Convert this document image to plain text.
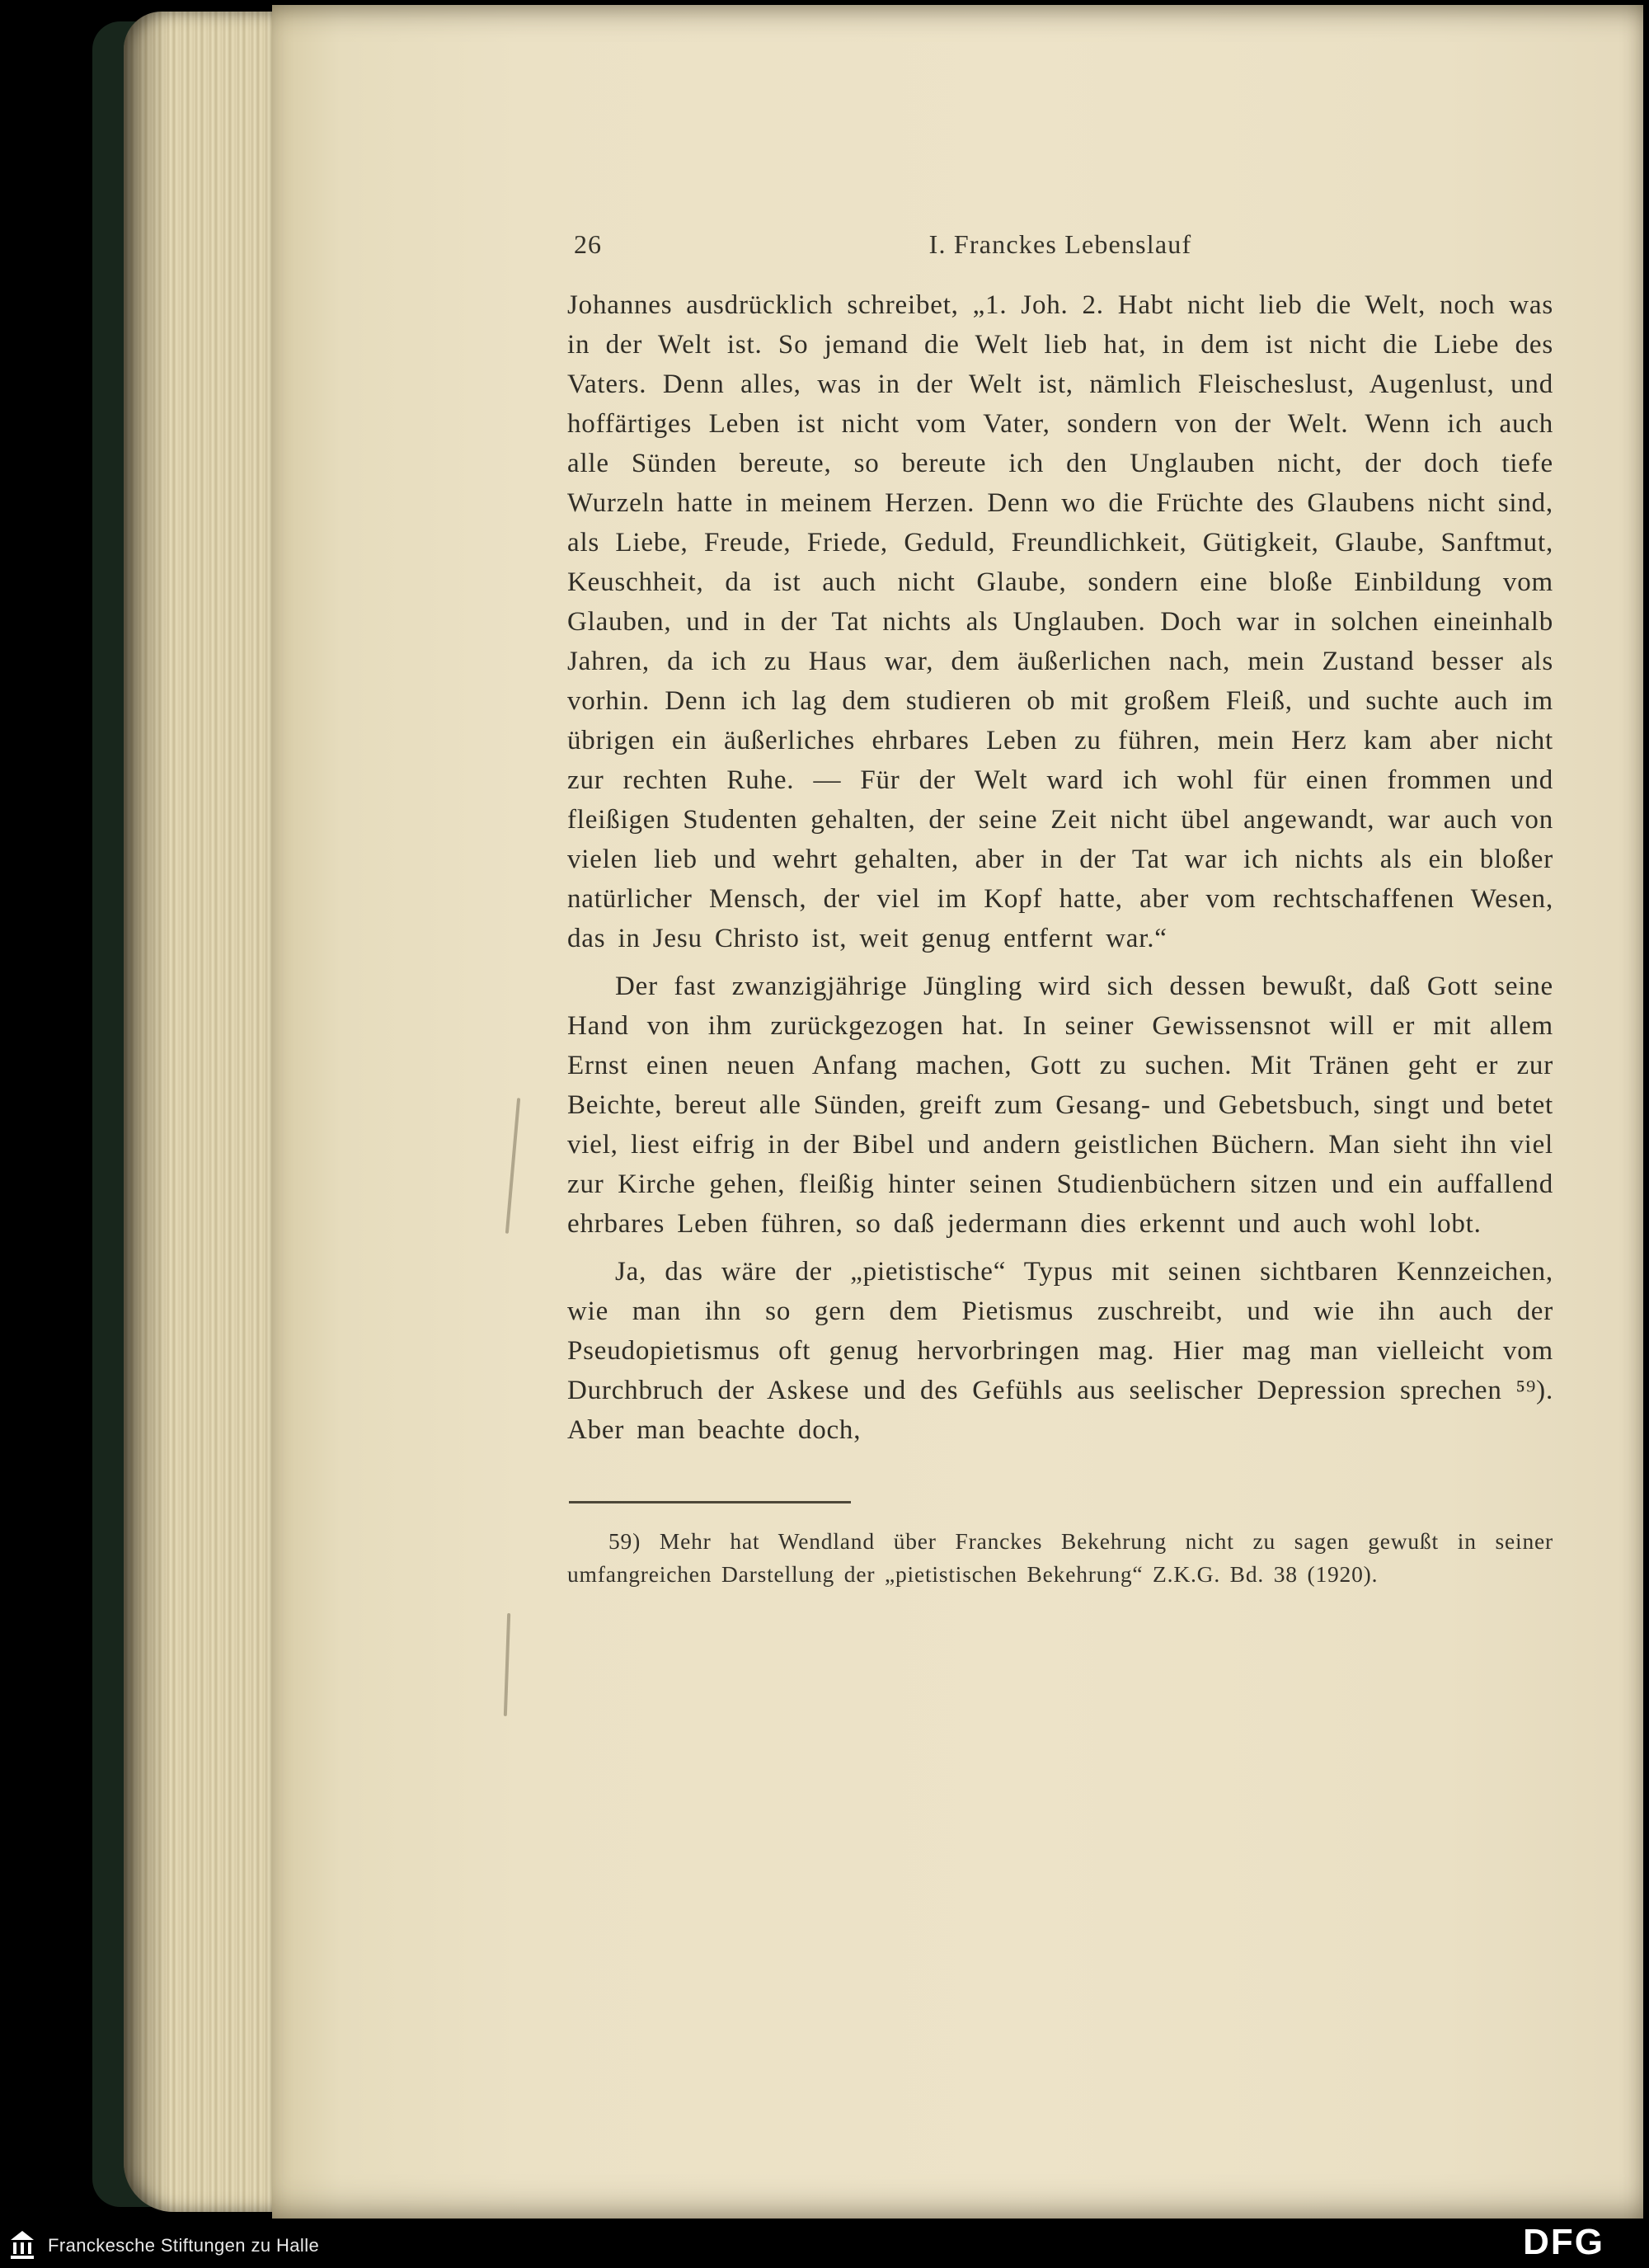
26	I. Franckes Lebenslauf

Johannes ausdrücklich schreibet, „1. Joh. 2. Habt nicht lieb die Welt, noch was in der Welt ist. So jemand die Welt lieb hat, in dem ist nicht die Liebe des Vaters. Denn alles, was in der Welt ist, nämlich Fleischeslust, Augenlust, und hoffärtiges Leben ist nicht vom Vater, sondern von der Welt. Wenn ich auch alle Sünden bereute, so bereute ich den Unglauben nicht, der doch tiefe Wurzeln hatte in meinem Herzen. Denn wo die Früchte des Glaubens nicht sind, als Liebe, Freude, Friede, Geduld, Freundlichkeit, Gütigkeit, Glaube, Sanftmut, Keuschheit, da ist auch nicht Glaube, sondern eine bloße Einbildung vom Glauben, und in der Tat nichts als Unglauben. Doch war in solchen eineinhalb Jahren, da ich zu Haus war, dem äußerlichen nach, mein Zustand besser als vorhin. Denn ich lag dem studieren ob mit großem Fleiß, und suchte auch im übrigen ein äußerliches ehrbares Leben zu führen, mein Herz kam aber nicht zur rechten Ruhe. — Für der Welt ward ich wohl für einen frommen und fleißigen Studenten gehalten, der seine Zeit nicht übel angewandt, war auch von vielen lieb und wehrt gehalten, aber in der Tat war ich nichts als ein bloßer natürlicher Mensch, der viel im Kopf hatte, aber vom rechtschaffenen Wesen, das in Jesu Christo ist, weit genug entfernt war.“

Der fast zwanzigjährige Jüngling wird sich dessen bewußt, daß Gott seine Hand von ihm zurückgezogen hat. In seiner Gewissensnot will er mit allem Ernst einen neuen Anfang machen, Gott zu suchen. Mit Tränen geht er zur Beichte, bereut alle Sünden, greift zum Gesang- und Gebetsbuch, singt und betet viel, liest eifrig in der Bibel und andern geistlichen Büchern. Man sieht ihn viel zur Kirche gehen, fleißig hinter seinen Studienbüchern sitzen und ein auffallend ehrbares Leben führen, so daß jedermann dies erkennt und auch wohl lobt.

Ja, das wäre der „pietistische“ Typus mit seinen sichtbaren Kennzeichen, wie man ihn so gern dem Pietismus zuschreibt, und wie ihn auch der Pseudopietismus oft genug hervorbringen mag. Hier mag man vielleicht vom Durchbruch der Askese und des Gefühls aus seelischer Depression sprechen ⁵⁹). Aber man beachte doch,

59) Mehr hat Wendland über Franckes Bekehrung nicht zu sagen gewußt in seiner umfangreichen Darstellung der „pietistischen Bekehrung“ Z.K.G. Bd. 38 (1920).

Franckesche Stiftungen zu Halle	DFG
